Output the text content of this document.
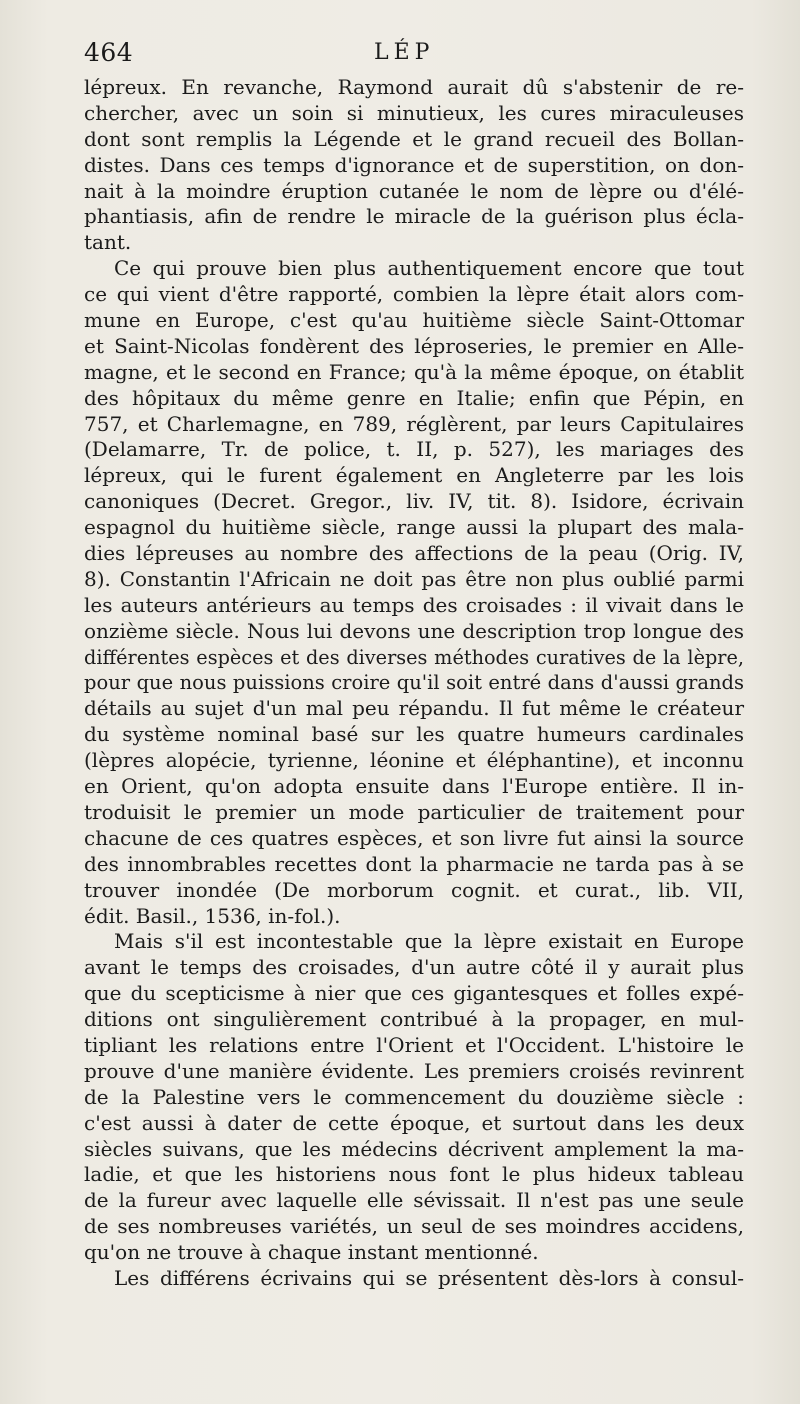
464	LÉP
lépreux. En revanche, Raymond aurait dû s'abstenir de re-
chercher, avec un soin si minutieux, les cures miraculeuses
dont sont remplis la Légende et le grand recueil des Bollan-
distes. Dans ces temps d'ignorance et de superstition, on don-
nait à la moindre éruption cutanée le nom de lèpre ou d'élé-
phantiasis, afin de rendre le miracle de la guérison plus écla-
tant.
Ce qui prouve bien plus authentiquement encore que tout
ce qui vient d'être rapporté, combien la lèpre était alors com-
mune en Europe, c'est qu'au huitième siècle Saint-Ottomar
et Saint-Nicolas fondèrent des léproseries, le premier en Alle-
magne, et le second en France; qu'à la même époque, on établit
des hôpitaux du même genre en Italie; enfin que Pépin, en
757, et Charlemagne, en 789, réglèrent, par leurs Capitulaires
(Delamarre, Tr. de police, t. II, p. 527), les mariages des
lépreux, qui le furent également en Angleterre par les lois
canoniques (Decret. Gregor., liv. IV, tit. 8). Isidore, écrivain
espagnol du huitième siècle, range aussi la plupart des mala-
dies lépreuses au nombre des affections de la peau (Orig. IV,
8). Constantin l'Africain ne doit pas être non plus oublié parmi
les auteurs antérieurs au temps des croisades : il vivait dans le
onzième siècle. Nous lui devons une description trop longue des
différentes espèces et des diverses méthodes curatives de la lèpre,
pour que nous puissions croire qu'il soit entré dans d'aussi grands
détails au sujet d'un mal peu répandu. Il fut même le créateur
du système nominal basé sur les quatre humeurs cardinales
(lèpres alopécie, tyrienne, léonine et éléphantine), et inconnu
en Orient, qu'on adopta ensuite dans l'Europe entière. Il in-
troduisit le premier un mode particulier de traitement pour
chacune de ces quatres espèces, et son livre fut ainsi la source
des innombrables recettes dont la pharmacie ne tarda pas à se
trouver inondée (De morborum cognit. et curat., lib. VII,
édit. Basil., 1536, in-fol.).
Mais s'il est incontestable que la lèpre existait en Europe
avant le temps des croisades, d'un autre côté il y aurait plus
que du scepticisme à nier que ces gigantesques et folles expé-
ditions ont singulièrement contribué à la propager, en mul-
tipliant les relations entre l'Orient et l'Occident. L'histoire le
prouve d'une manière évidente. Les premiers croisés revinrent
de la Palestine vers le commencement du douzième siècle :
c'est aussi à dater de cette époque, et surtout dans les deux
siècles suivans, que les médecins décrivent amplement la ma-
ladie, et que les historiens nous font le plus hideux tableau
de la fureur avec laquelle elle sévissait. Il n'est pas une seule
de ses nombreuses variétés, un seul de ses moindres accidens,
qu'on ne trouve à chaque instant mentionné.
Les différens écrivains qui se présentent dès-lors à consul-
